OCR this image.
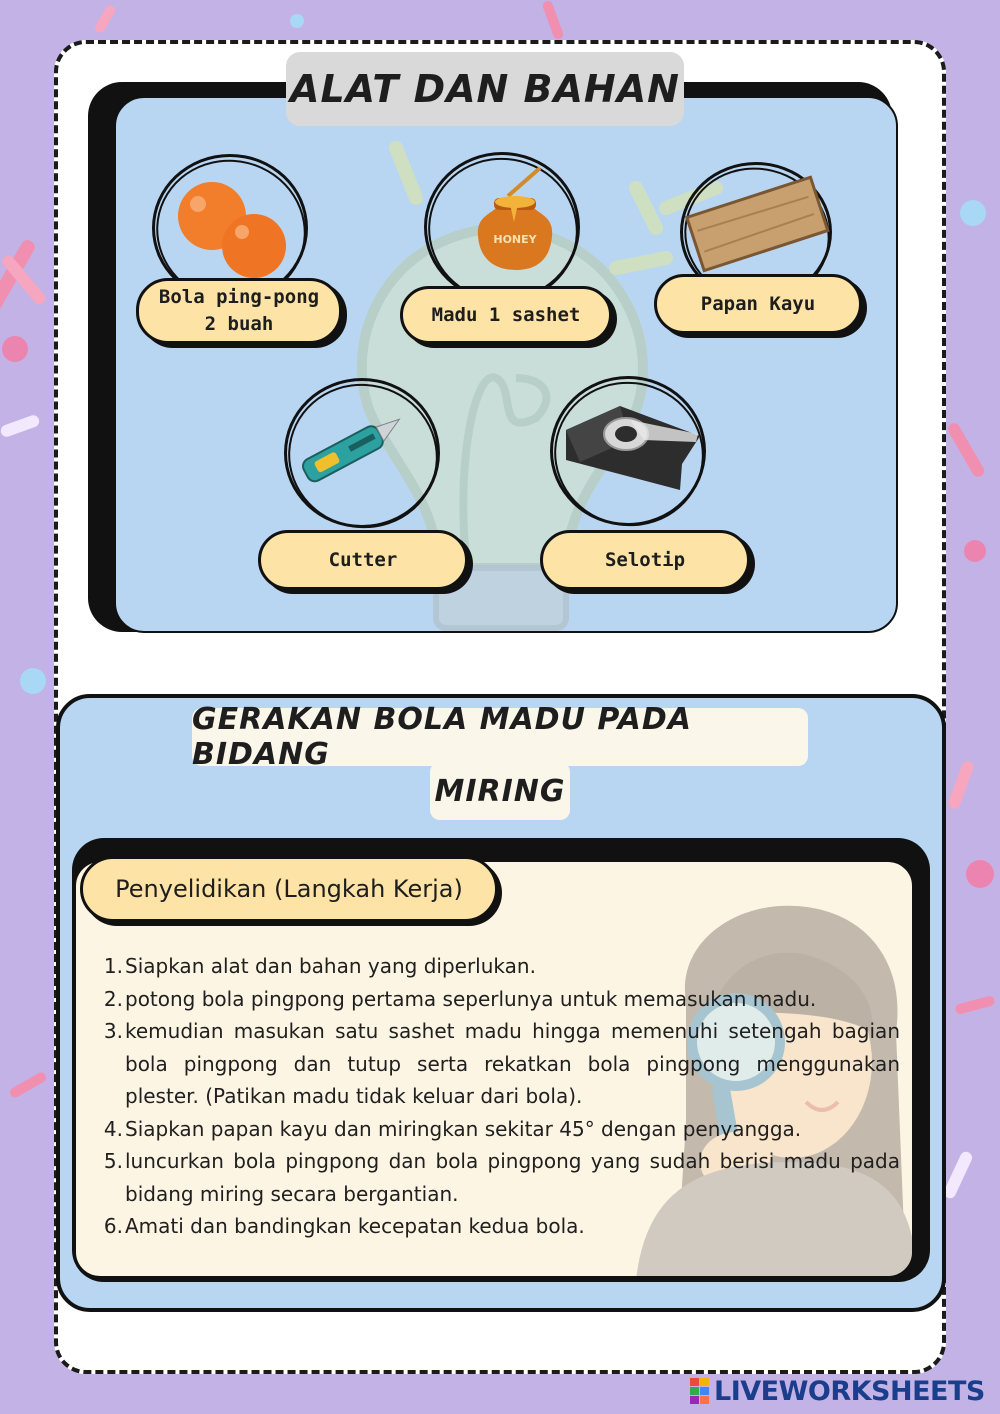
ALAT DAN BAHAN
Bola ping-pong
2 buah
HONEY
Madu 1 sashet	Papan Kayu
Cutter	Selotip
GERAKAN BOLA MADU PADA BIDANG
MIRING
Penyelidikan (Langkah Kerja)
1. Siapkan alat dan bahan yang diperlukan.
2. potong bola pingpong pertama seperlunya untuk memasukan madu.
3. kemudian masukan satu sashet madu hingga memenuhi setengah bagian bola pingpong dan tutup serta rekatkan bola pingpong menggunakan plester. (Patikan madu tidak keluar dari bola).
4. Siapkan papan kayu dan miringkan sekitar 45° dengan penyangga.
5. luncurkan bola pingpong dan bola pingpong yang sudah berisi madu pada bidang miring secara bergantian.
6. Amati dan bandingkan kecepatan kedua bola.
LIVEWORKSHEETS
